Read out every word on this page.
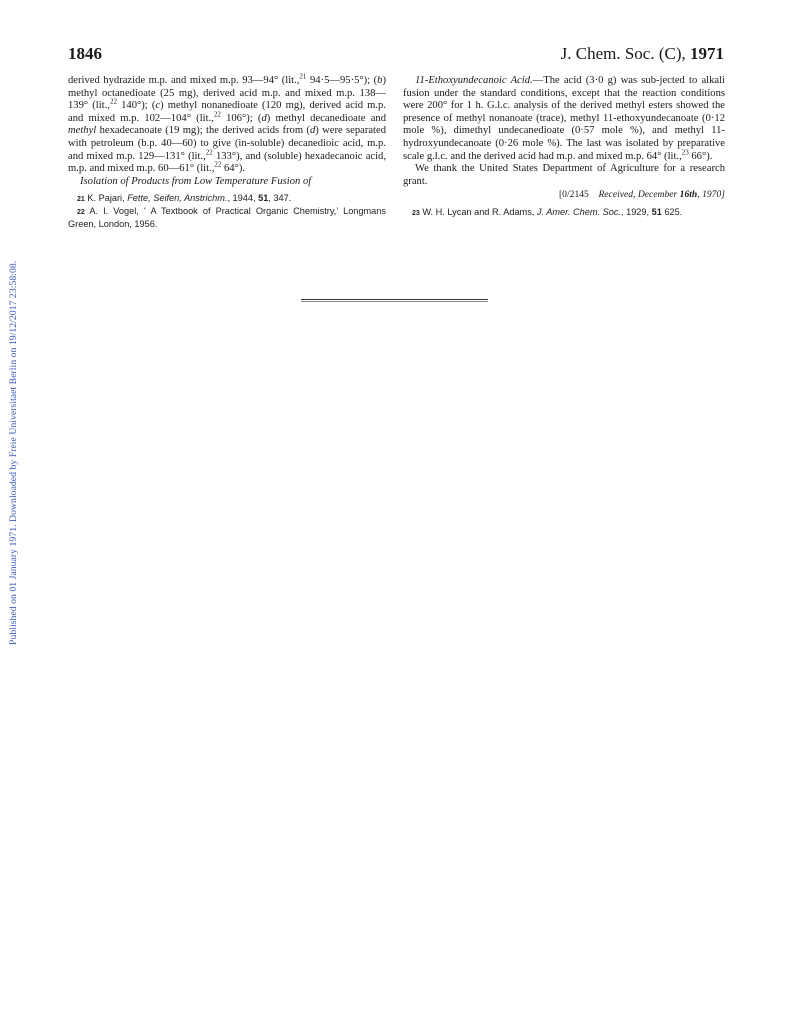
Published on 01 January 1971. Downloaded by Freie Universitaet Berlin on 19/12/2017 23:58:08.
1846	J. Chem. Soc. (C), 1971

derived hydrazide m.p. and mixed m.p. 93—94° (lit.,$^{21}$ 94·5—95·5°); (b) methyl octanedioate (25 mg), derived acid m.p. and mixed m.p. 138—139° (lit.,$^{22}$ 140°); (c) methyl nonanedioate (120 mg), derived acid m.p. and mixed m.p. 102—104° (lit.,$^{22}$ 106°); (d) methyl decanedioate and methyl hexadecanoate (19 mg); the derived acids from (d) were separated with petroleum (b.p. 40—60) to give (in-soluble) decanedioic acid, m.p. and mixed m.p. 129—131° (lit.,$^{22}$ 133°), and (soluble) hexadecanoic acid, m.p. and mixed m.p. 60—61° (lit.,$^{22}$ 64°).

Isolation of Products from Low Temperature Fusion of

21 K. Pajari, Fette, Seifen, Anstrichm., 1944, 51, 347.

22 A. I. Vogel, ‘ A Textbook of Practical Organic Chemistry,’ Longmans Green, London, 1956.

11-Ethoxyundecanoic Acid.—The acid (3·0 g) was sub-jected to alkali fusion under the standard conditions, except that the reaction conditions were 200° for 1 h. G.l.c. analysis of the derived methyl esters showed the presence of methyl nonanoate (trace), methyl 11-ethoxyundecanoate (0·12 mole %), dimethyl undecanedioate (0·57 mole %), and methyl 11-hydroxyundecanoate (0·26 mole %). The last was isolated by preparative scale g.l.c. and the derived acid had m.p. and mixed m.p. 64° (lit.,$^{23}$ 66°).

We thank the United States Department of Agriculture for a research grant.

[0/2145 Received, December 16th, 1970]

23 W. H. Lycan and R. Adams, J. Amer. Chem. Soc., 1929, 51 625.
